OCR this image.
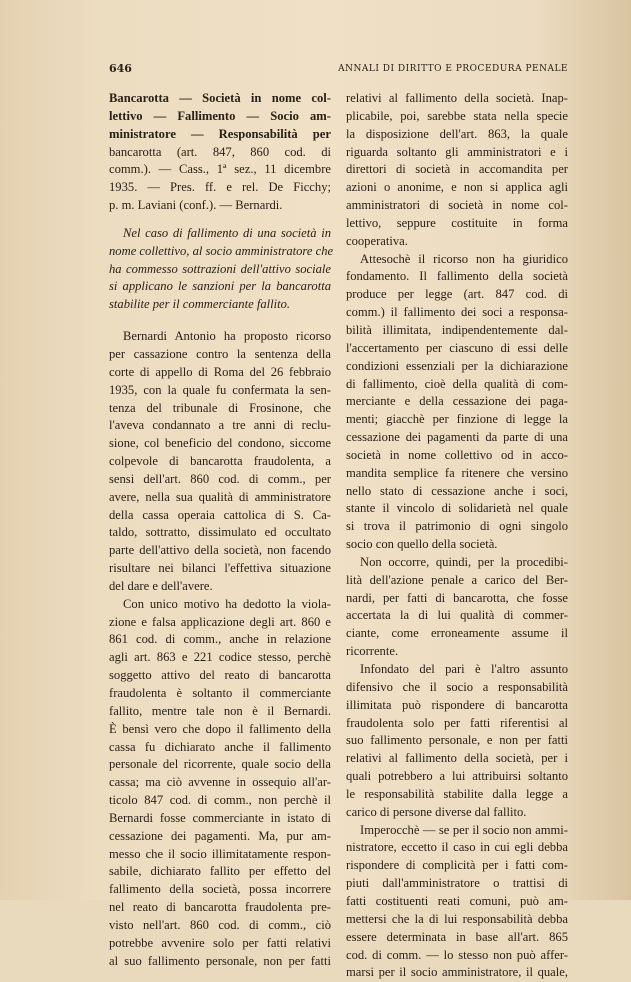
646	ANNALI DI DIRITTO E PROCEDURA PENALE
Bancarotta — Società in nome col-
lettivo — Fallimento — Socio am-
ministratore — Responsabilità per
bancarotta (art. 847, 860 cod. di
comm.). — Cass., 1ª sez., 11 dicembre
1935. — Pres. ff. e rel. De Ficchy;
p. m. Laviani (conf.). — Bernardi.
Nel caso di fallimento di una società in
nome collettivo, al socio amministratore che
ha commesso sottrazioni dell'attivo sociale
si applicano le sanzioni per la bancarotta
stabilite per il commerciante fallito.
Bernardi Antonio ha proposto ricorso
per cassazione contro la sentenza della
corte di appello di Roma del 26 febbraio
1935, con la quale fu confermata la sen-
tenza del tribunale di Frosinone, che
l'aveva condannato a tre anni di reclu-
sione, col beneficio del condono, siccome
colpevole di bancarotta fraudolenta, a
sensi dell'art. 860 cod. di comm., per
avere, nella sua qualità di amministratore
della cassa operaia cattolica di S. Ca-
taldo, sottratto, dissimulato ed occultato
parte dell'attivo della società, non facendo
risultare nei bilanci l'effettiva situazione
del dare e dell'avere.
Con unico motivo ha dedotto la viola-
zione e falsa applicazione degli art. 860 e
861 cod. di comm., anche in relazione
agli art. 863 e 221 codice stesso, perchè
soggetto attivo del reato di bancarotta
fraudolenta è soltanto il commerciante
fallito, mentre tale non è il Bernardi.
È bensì vero che dopo il fallimento della
cassa fu dichiarato anche il fallimento
personale del ricorrente, quale socio della
cassa; ma ciò avvenne in ossequio all'ar-
ticolo 847 cod. di comm., non perchè il
Bernardi fosse commerciante in istato di
cessazione dei pagamenti. Ma, pur am-
messo che il socio illimitatamente respon-
sabile, dichiarato fallito per effetto del
fallimento della società, possa incorrere
nel reato di bancarotta fraudolenta pre-
visto nell'art. 860 cod. di comm., ciò
potrebbe avvenire solo per fatti relativi
al suo fallimento personale, non per fatti
relativi al fallimento della società. Inap-
plicabile, poi, sarebbe stata nella specie
la disposizione dell'art. 863, la quale
riguarda soltanto gli amministratori e i
direttori di società in accomandita per
azioni o anonime, e non si applica agli
amministratori di società in nome col-
lettivo, seppure costituite in forma
cooperativa.
Attesochè il ricorso non ha giuridico
fondamento. Il fallimento della società
produce per legge (art. 847 cod. di
comm.) il fallimento dei soci a responsa-
bilità illimitata, indipendentemente dal-
l'accertamento per ciascuno di essi delle
condizioni essenziali per la dichiarazione
di fallimento, cioè della qualità di com-
merciante e della cessazione dei paga-
menti; giacchè per finzione di legge la
cessazione dei pagamenti da parte di una
società in nome collettivo od in acco-
mandita semplice fa ritenere che versino
nello stato di cessazione anche i soci,
stante il vincolo di solidarietà nel quale
si trova il patrimonio di ogni singolo
socio con quello della società.
Non occorre, quindi, per la procedibi-
lità dell'azione penale a carico del Ber-
nardi, per fatti di bancarotta, che fosse
accertata la di lui qualità di commer-
ciante, come erroneamente assume il
ricorrente.
Infondato del pari è l'altro assunto
difensivo che il socio a responsabilità
illimitata può rispondere di bancarotta
fraudolenta solo per fatti riferentisi al
suo fallimento personale, e non per fatti
relativi al fallimento della società, per i
quali potrebbero a lui attribuirsi soltanto
le responsabilità stabilite dalla legge a
carico di persone diverse dal fallito.
Imperocchè — se per il socio non ammi-
nistratore, eccetto il caso in cui egli debba
rispondere di complicità per i fatti com-
piuti dall'amministratore o trattisi di
fatti costituenti reati comuni, può am-
mettersi che la di lui responsabilità debba
essere determinata in base all'art. 865
cod. di comm. — lo stesso non può affer-
marsi per il socio amministratore, il quale,
